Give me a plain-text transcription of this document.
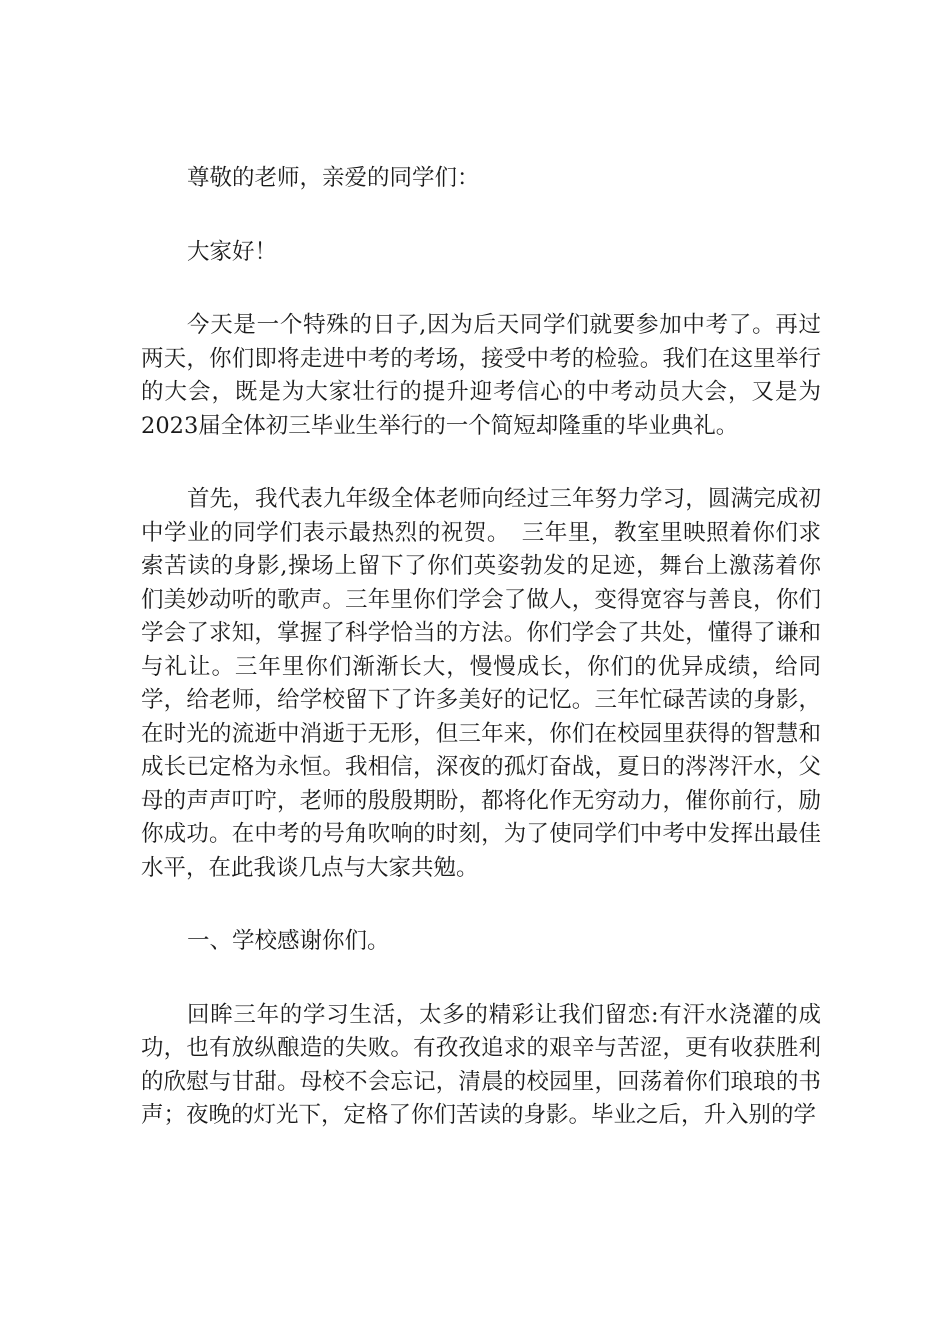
尊敬的老师，亲爱的同学们：

大家好！

今天是一个特殊的日子,因为后天同学们就要参加中考了。再过两天，你们即将走进中考的考场，接受中考的检验。我们在这里举行的大会，既是为大家壮行的提升迎考信心的中考动员大会，又是为2023届全体初三毕业生举行的一个简短却隆重的毕业典礼。

首先，我代表九年级全体老师向经过三年努力学习，圆满完成初中学业的同学们表示最热烈的祝贺。　三年里，教室里映照着你们求索苦读的身影,操场上留下了你们英姿勃发的足迹，舞台上激荡着你们美妙动听的歌声。三年里你们学会了做人，变得宽容与善良，你们学会了求知，掌握了科学恰当的方法。你们学会了共处，懂得了谦和与礼让。三年里你们渐渐长大，慢慢成长，你们的优异成绩，给同学，给老师，给学校留下了许多美好的记忆。三年忙碌苦读的身影，在时光的流逝中消逝于无形，但三年来，你们在校园里获得的智慧和成长已定格为永恒。我相信，深夜的孤灯奋战，夏日的涔涔汗水，父母的声声叮咛，老师的殷殷期盼，都将化作无穷动力，催你前行，励你成功。在中考的号角吹响的时刻，为了使同学们中考中发挥出最佳水平，在此我谈几点与大家共勉。

一、学校感谢你们。

回眸三年的学习生活，太多的精彩让我们留恋:有汗水浇灌的成功，也有放纵酿造的失败。有孜孜追求的艰辛与苦涩，更有收获胜利的欣慰与甘甜。母校不会忘记，清晨的校园里，回荡着你们琅琅的书声；夜晚的灯光下，定格了你们苦读的身影。毕业之后，升入别的学
